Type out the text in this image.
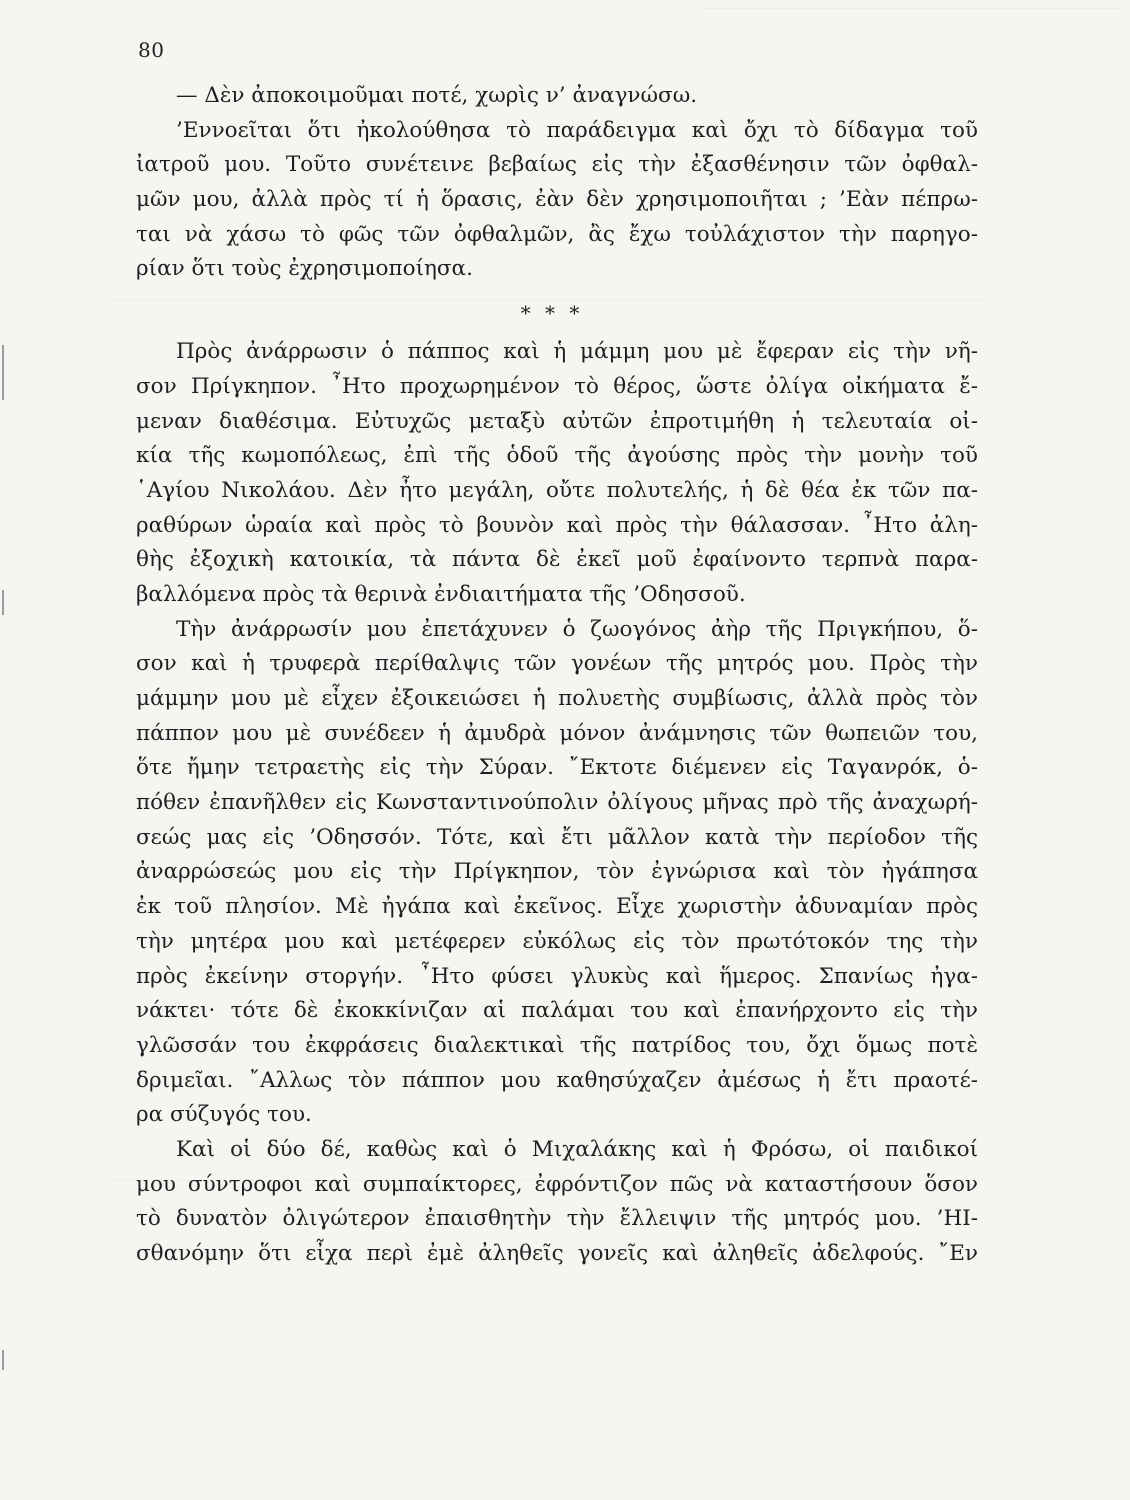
80
— Δὲν ἀποκοιμοῦμαι ποτέ, χωρὶς ν’ ἀναγνώσω.
’Εννοεῖται ὅτι ἠκολούθησα τὸ παράδειγμα καὶ ὄχι τὸ δίδαγμα τοῦ
ἰατροῦ μου. Τοῦτο συνέτεινε βεβαίως εἰς τὴν ἐξασθένησιν τῶν ὀφθαλ-
μῶν μου, ἀλλὰ πρὸς τί ἡ ὅρασις, ἐὰν δὲν χρησιμοποιῆται ; ’Εὰν πέπρω-
ται νὰ χάσω τὸ φῶς τῶν ὀφθαλμῶν, ἂς ἔχω τοὐλάχιστον τὴν παρηγο-
ρίαν ὅτι τοὺς ἐχρησιμοποίησα.
* * *
Πρὸς ἀνάρρωσιν ὁ πάππος καὶ ἡ μάμμη μου μὲ ἔφεραν εἰς τὴν νῆ-
σον Πρίγκηπον. ῏Ητο προχωρημένον τὸ θέρος, ὥστε ὀλίγα οἰκήματα ἔ-
μεναν διαθέσιμα. Εὐτυχῶς μεταξὺ αὐτῶν ἐπροτιμήθη ἡ τελευταία οἰ-
κία τῆς κωμοπόλεως, ἐπὶ τῆς ὁδοῦ τῆς ἀγούσης πρὸς τὴν μονὴν τοῦ
῾Αγίου Νικολάου. Δὲν ἦτο μεγάλη, οὔτε πολυτελής, ἡ δὲ θέα ἐκ τῶν πα-
ραθύρων ὡραία καὶ πρὸς τὸ βουνὸν καὶ πρὸς τὴν θάλασσαν. ῏Ητο ἀλη-
θὴς ἐξοχικὴ κατοικία, τὰ πάντα δὲ ἐκεῖ μοῦ ἐφαίνοντο τερπνὰ παρα-
βαλλόμενα πρὸς τὰ θερινὰ ἐνδιαιτήματα τῆς ’Οδησσοῦ.
Τὴν ἀνάρρωσίν μου ἐπετάχυνεν ὁ ζωογόνος ἀὴρ τῆς Πριγκήπου, ὅ-
σον καὶ ἡ τρυφερὰ περίθαλψις τῶν γονέων τῆς μητρός μου. Πρὸς τὴν
μάμμην μου μὲ εἶχεν ἐξοικειώσει ἡ πολυετὴς συμβίωσις, ἀλλὰ πρὸς τὸν
πάππον μου μὲ συνέδεεν ἡ ἀμυδρὰ μόνον ἀνάμνησις τῶν θωπειῶν του,
ὅτε ἤμην τετραετὴς εἰς τὴν Σύραν. ῎Εκτοτε διέμενεν εἰς Ταγανρόκ, ὁ-
πόθεν ἐπανῆλθεν εἰς Κωνσταντινούπολιν ὀλίγους μῆνας πρὸ τῆς ἀναχωρή-
σεώς μας εἰς ’Οδησσόν. Τότε, καὶ ἔτι μᾶλλον κατὰ τὴν περίοδον τῆς
ἀναρρώσεώς μου εἰς τὴν Πρίγκηπον, τὸν ἐγνώρισα καὶ τὸν ἠγάπησα
ἐκ τοῦ πλησίον. Μὲ ἠγάπα καὶ ἐκεῖνος. Εἶχε χωριστὴν ἀδυναμίαν πρὸς
τὴν μητέρα μου καὶ μετέφερεν εὐκόλως εἰς τὸν πρωτότοκόν της τὴν
πρὸς ἐκείνην στοργήν. ῏Ητο φύσει γλυκὺς καὶ ἥμερος. Σπανίως ἠγα-
νάκτει· τότε δὲ ἐκοκκίνιζαν αἱ παλάμαι του καὶ ἐπανήρχοντο εἰς τὴν
γλῶσσάν του ἐκφράσεις διαλεκτικαὶ τῆς πατρίδος του, ὄχι ὅμως ποτὲ
δριμεῖαι. ῎Αλλως τὸν πάππον μου καθησύχαζεν ἀμέσως ἡ ἔτι πραοτέ-
ρα σύζυγός του.
Καὶ οἱ δύο δέ, καθὼς καὶ ὁ Μιχαλάκης καὶ ἡ Φρόσω, οἱ παιδικοί
μου σύντροφοι καὶ συμπαίκτορες, ἐφρόντιζον πῶς νὰ καταστήσουν ὅσον
τὸ δυνατὸν ὀλιγώτερον ἐπαισθητὴν τὴν ἔλλειψιν τῆς μητρός μου. ’ΗΙ-
σθανόμην ὅτι εἶχα περὶ ἐμὲ ἀληθεῖς γονεῖς καὶ ἀληθεῖς ἀδελφούς. ῎Εν
